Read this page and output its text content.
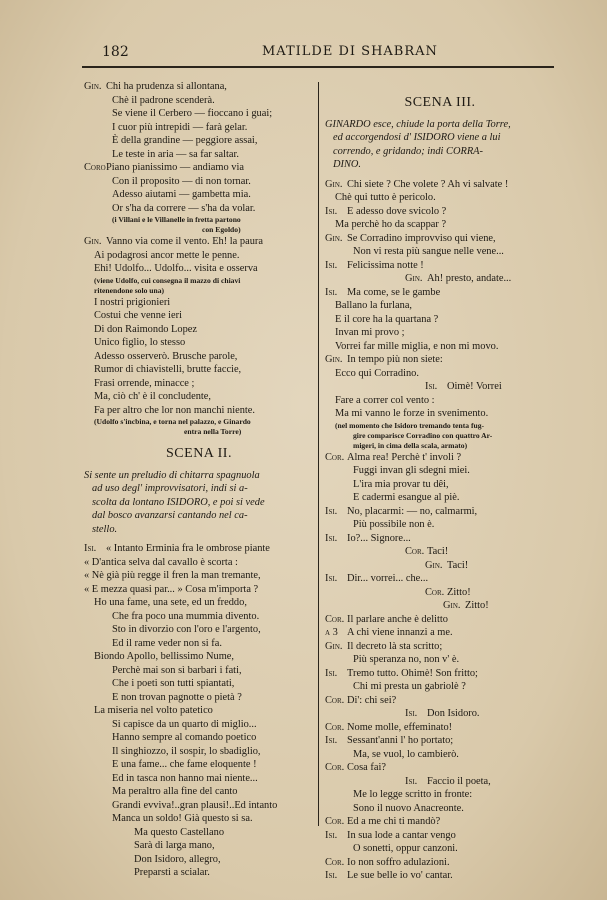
182	MATILDE DI SHABRAN
Gin. Chi ha prudenza si allontana,
Chè il padrone scenderà.
Se viene il Cerbero — fioccano i guai;
I cuor più intrepidi — farà gelar.
È della grandine — peggiore assai,
Le teste in aria — sa far saltar.
CoroPiano pianissimo — andiamo via
Con il proposito — di non tornar.
Adesso aiutami — gambetta mia.
Or s'ha da correre — s'ha da volar.
(i Villani e le Villanelle in fretta partono
con Egoldo)
Gin. Vanno via come il vento. Eh! la paura
Ai podagrosi ancor mette le penne.
Ehi! Udolfo... Udolfo... visita e osserva
(viene Udolfo, cui consegna il mazzo di chiavi
ritenendone solo una)
I nostri prigionieri
Costui che venne ieri
Di don Raimondo Lopez
Unico figlio, lo stesso
Adesso osserverò. Brusche parole,
Rumor di chiavistelli, brutte faccie,
Frasi orrende, minacce ;
Ma, ciò ch' è il concludente,
Fa per altro che lor non manchi niente.
(Udolfo s'incbina, e torna nel palazzo, e Ginardo
entra nella Torre)
SCENA II.
Si sente un preludio di chitarra spagnuola
ad uso degl' improvvisatori, indi si a-
scolta da lontano ISIDORO, e poi si vede
dal bosco avanzarsi cantando nel ca-
stello.
Isi. « Intanto Erminia fra le ombrose piante
« D'antica selva dal cavallo è scorta :
« Nè già più regge il fren la man tremante,
« E mezza quasi par... » Cosa m'importa ?
Ho una fame, una sete, ed un freddo,
Che fra poco una mummia divento.
Sto in divorzio con l'oro e l'argento,
Ed il rame veder non si fa.
Biondo Apollo, bellissimo Nume,
Perchè mai son sì barbari i fati,
Che i poeti son tutti spiantati,
E non trovan pagnotte o pietà ?
La miseria nel volto patetico
Si capisce da un quarto di miglio...
Hanno sempre al comando poetico
Il singhiozzo, il sospir, lo sbadiglio,
E una fame... che fame eloquente !
Ed in tasca non hanno mai niente...
Ma peraltro alla fine del canto
Grandi evviva!..gran plausi!..Ed intanto
Manca un soldo! Già questo si sa.
Ma questo Castellano
Sarà di larga mano,
Don Isidoro, allegro,
Preparsti a scialar.
SCENA III.
GINARDO esce, chiude la porta della Torre,
ed accorgendosi d' ISIDORO viene a lui
correndo, e gridando; indi CORRA-
DINO.
Gin. Chi siete ? Che volete ? Ah vi salvate !
Chè qui tutto è pericolo.
Isi. E adesso dove svicolo ?
Ma perchè ho da scappar ?
Gin. Se Corradino improvviso qui viene,
Non vi resta più sangue nelle vene...
Isi. Felicissima notte !
Gin. Ah! presto, andate...
Isi. Ma come, se le gambe
Ballano la furlana,
E il core ha la quartana ?
Invan mi provo ;
Vorrei far mille miglia, e non mi movo.
Gin. In tempo più non siete:
Ecco qui Corradino.
Isi. Oimè! Vorrei
Fare a correr col vento :
Ma mi vanno le forze in svenimento.
(nel momento che Isidoro tremando tenta fug-
gire comparisce Corradino con quattro Ar-
migeri, in cima della scala, armato)
Cor. Alma rea! Perchè t' involi ?
Fuggi invan gli sdegni miei.
L'ira mia provar tu dêi,
E cadermi esangue al piè.
Isi. No, placarmi: — no, calmarmi,
Più possibile non è.
Isi. Io?... Signore...
Cor. Taci!
Gin. Taci!
Isi. Dir... vorrei... che...
Cor. Zitto!
Gin. Zitto!
Cor. Il parlare anche è delitto
a 3 A chi viene innanzi a me.
Gin. Il decreto là sta scritto;
Più speranza no, non v' è.
Isi. Tremo tutto. Ohimè! Son fritto;
Chi mi presta un gabriolè ?
Cor. Di': chi sei?
Isi. Don Isidoro.
Cor. Nome molle, effeminato!
Isi. Sessant'anni l' ho portato;
Ma, se vuol, lo cambierò.
Cor. Cosa fai?
Isi. Faccio il poeta,
Me lo legge scritto in fronte:
Sono il nuovo Anacreonte.
Cor. Ed a me chi ti mandò?
Isi. In sua lode a cantar vengo
O sonetti, oppur canzoni.
Cor. Io non soffro adulazioni.
Isi. Le sue belle io vo' cantar.
